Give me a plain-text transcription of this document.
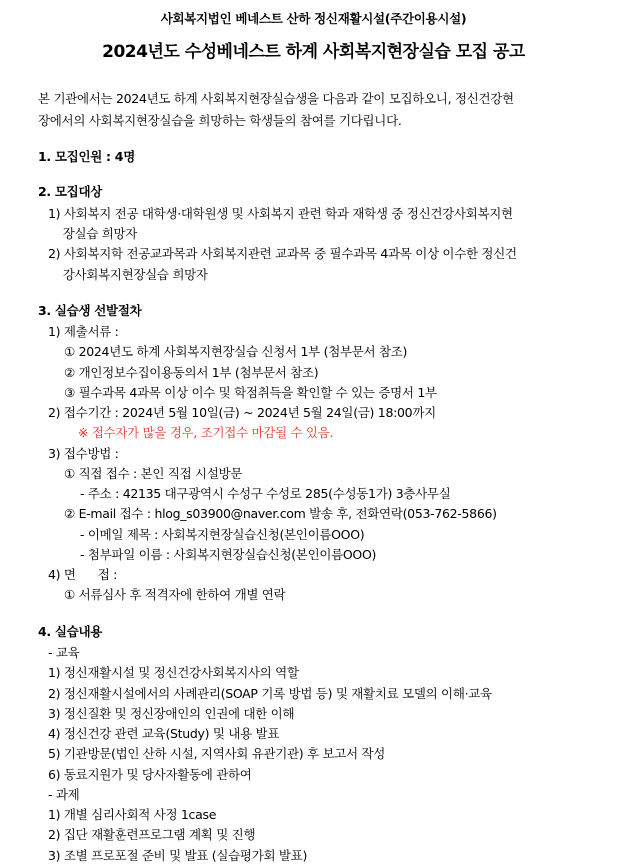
사회복지법인 베네스트 산하 정신재활시설(주간이용시설)
2024년도 수성베네스트 하계 사회복지현장실습 모집 공고
본 기관에서는 2024년도 하계 사회복지현장실습생을 다음과 같이 모집하오니, 정신건강현
장에서의 사회복지현장실습을 희망하는 학생들의 참여를 기다립니다.
1. 모집인원 : 4명
2. 모집대상
1) 사회복지 전공 대학생·대학원생 및 사회복지 관련 학과 재학생 중 정신건강사회복지현
장실습 희망자
2) 사회복지학 전공교과목과 사회복지관련 교과목 중 필수과목 4과목 이상 이수한 정신건
강사회복지현장실습 희망자
3. 실습생 선발절차
1) 제출서류 :
① 2024년도 하계 사회복지현장실습 신청서 1부 (첨부문서 참조)
② 개인정보수집이용동의서 1부 (첨부문서 참조)
③ 필수과목 4과목 이상 이수 및 학점취득을 확인할 수 있는 증명서 1부
2) 접수기간 : 2024년 5월 10일(금) ~ 2024년 5월 24일(금) 18:00까지
※ 접수자가 많을 경우, 조기접수 마감될 수 있음.
3) 접수방법 :
① 직접 접수 : 본인 직접 시설방문
- 주소 : 42135 대구광역시 수성구 수성로 285(수성동1가) 3층사무실
② E-mail 접수 : hlog_s03900@naver.com 발송 후, 전화연락(053-762-5866)
- 이메일 제목 : 사회복지현장실습신청(본인이름OOO)
- 첨부파일 이름 : 사회복지현장실습신청(본인이름OOO)
4) 면      접 :
① 서류심사 후 적격자에 한하여 개별 연락
4. 실습내용
- 교육
1) 정신재활시설 및 정신건강사회복지사의 역할
2) 정신재활시설에서의 사례관리(SOAP 기록 방법 등) 및 재활치료 모델의 이해·교육
3) 정신질환 및 정신장애인의 인권에 대한 이해
4) 정신건강 관련 교육(Study) 및 내용 발표
5) 기관방문(법인 산하 시설, 지역사회 유관기관) 후 보고서 작성
6) 동료지원가 및 당사자활동에 관하여
- 과제
1) 개별 심리사회적 사정 1case
2) 집단 재활훈련프로그램 계획 및 진행
3) 조별 프로포절 준비 및 발표 (실습평가회 발표)
